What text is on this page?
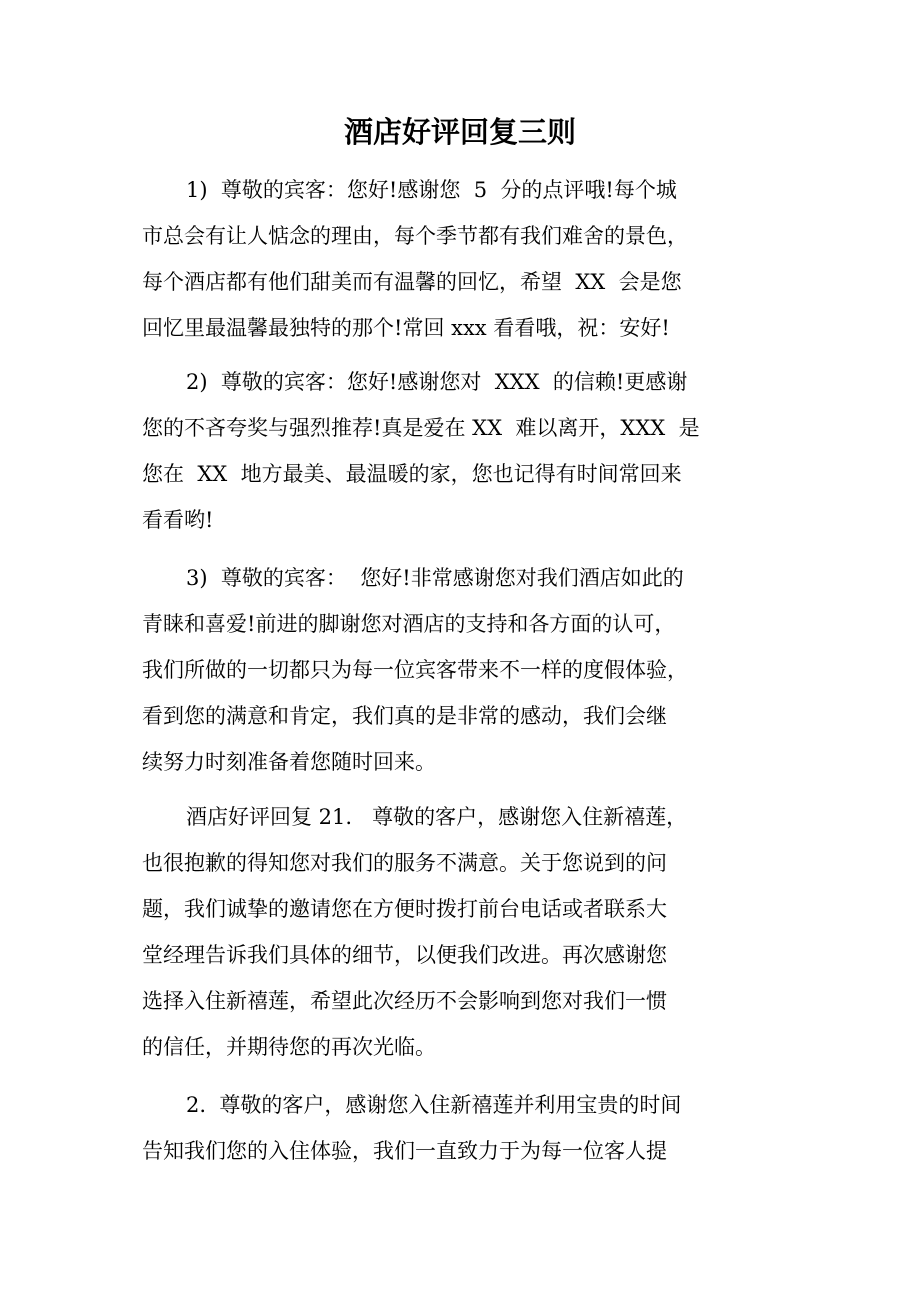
酒店好评回复三则
1)  尊敬的宾客：您好!感谢您  5  分的点评哦!每个城
市总会有让人惦念的理由，每个季节都有我们难舍的景色，
每个酒店都有他们甜美而有温馨的回忆，希望  XX  会是您
回忆里最温馨最独特的那个!常回 xxx 看看哦，祝：安好!
2)  尊敬的宾客：您好!感谢您对  XXX  的信赖!更感谢
您的不吝夸奖与强烈推荐!真是爱在 XX  难以离开，XXX  是
您在  XX  地方最美、最温暖的家，您也记得有时间常回来
看看哟!
3)  尊敬的宾客：  您好!非常感谢您对我们酒店如此的
青睐和喜爱!前进的脚谢您对酒店的支持和各方面的认可，
我们所做的一切都只为每一位宾客带来不一样的度假体验，
看到您的满意和肯定，我们真的是非常的感动，我们会继
续努力时刻准备着您随时回来。
酒店好评回复 21.   尊敬的客户，感谢您入住新禧莲，
也很抱歉的得知您对我们的服务不满意。关于您说到的问
题，我们诚挚的邀请您在方便时拨打前台电话或者联系大
堂经理告诉我们具体的细节，以便我们改进。再次感谢您
选择入住新禧莲，希望此次经历不会影响到您对我们一惯
的信任，并期待您的再次光临。
2.  尊敬的客户，感谢您入住新禧莲并利用宝贵的时间
告知我们您的入住体验，我们一直致力于为每一位客人提
